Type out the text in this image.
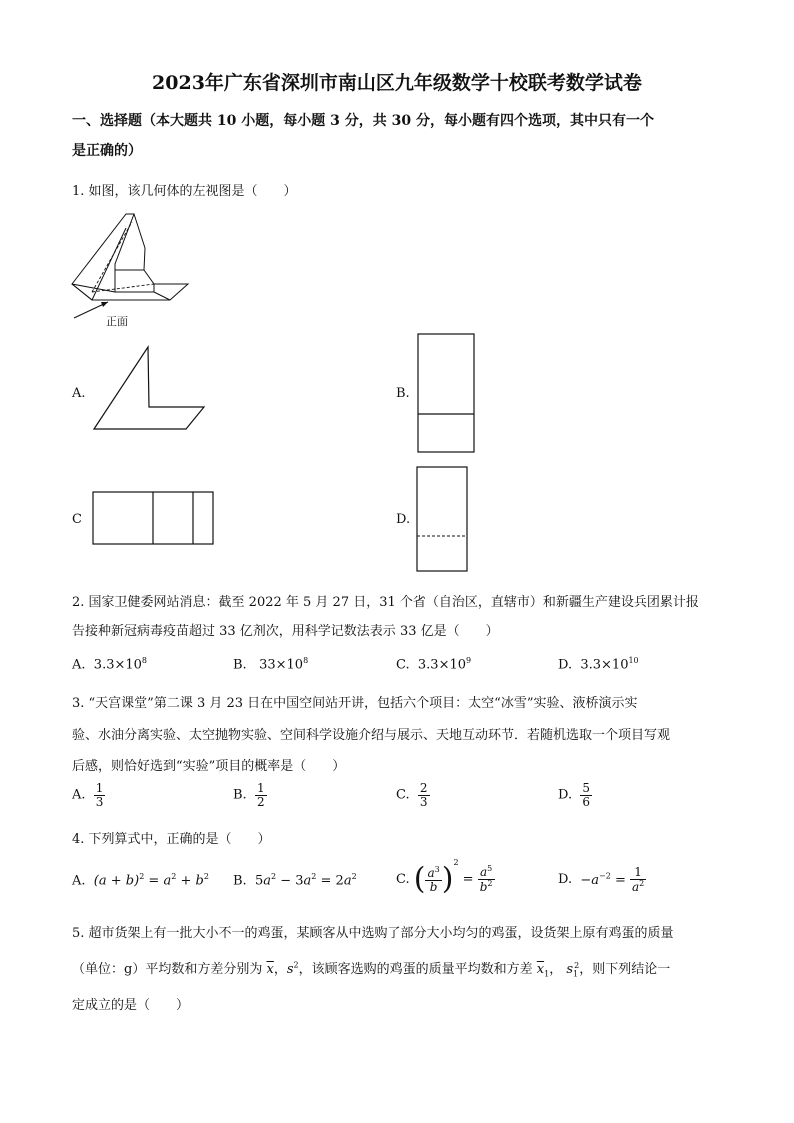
2023年广东省深圳市南山区九年级数学十校联考数学试卷
一、选择题（本大题共 10 小题，每小题 3 分，共 30 分，每小题有四个选项，其中只有一个
是正确的）
1. 如图，该几何体的左视图是（　　）
正面
A.	B.
C	D.
2. 国家卫健委网站消息：截至 2022 年 5 月 27 日，31 个省（自治区，直辖市）和新疆生产建设兵团累计报
告接种新冠病毒疫苗超过 33 亿剂次，用科学记数法表示 33 亿是（　　）
A. $3.3\times 10^8$	B. $33\times 10^8$	C. $3.3\times 10^9$	D. $3.3\times 10^{10}$
3. “天宫课堂”第二课 3 月 23 日在中国空间站开讲，包括六个项目：太空“冰雪”实验、液桥演示实
验、水油分离实验、太空抛物实验、空间科学设施介绍与展示、天地互动环节．若随机选取一个项目写观
后感，则恰好选到“实验”项目的概率是（　　）
A. $\frac{1}{3}$	B. $\frac{1}{2}$	C. $\frac{2}{3}$	D. $\frac{5}{6}$
4. 下列算式中，正确的是（　　）
A. $(a + b)^2 = a^2 + b^2$ B.  $5a^2 - 3a^2 = 2a^2$	C. ( $\frac{a^3}{b} )^2 = \frac{a^5}{b^2}$	D. $-a^{-2} = \frac{1}{a^2}$
5. 超市货架上有一批大小不一的鸡蛋，某顾客从中选购了部分大小均匀的鸡蛋，设货架上原有鸡蛋的质量
（单位：g）平均数和方差分别为 $\overline{x}$，$s^2$，该顾客选购的鸡蛋的质量平均数和方差 $\overline{x}_1$， $s_1^2$，则下列结论一
定成立的是（　　）
